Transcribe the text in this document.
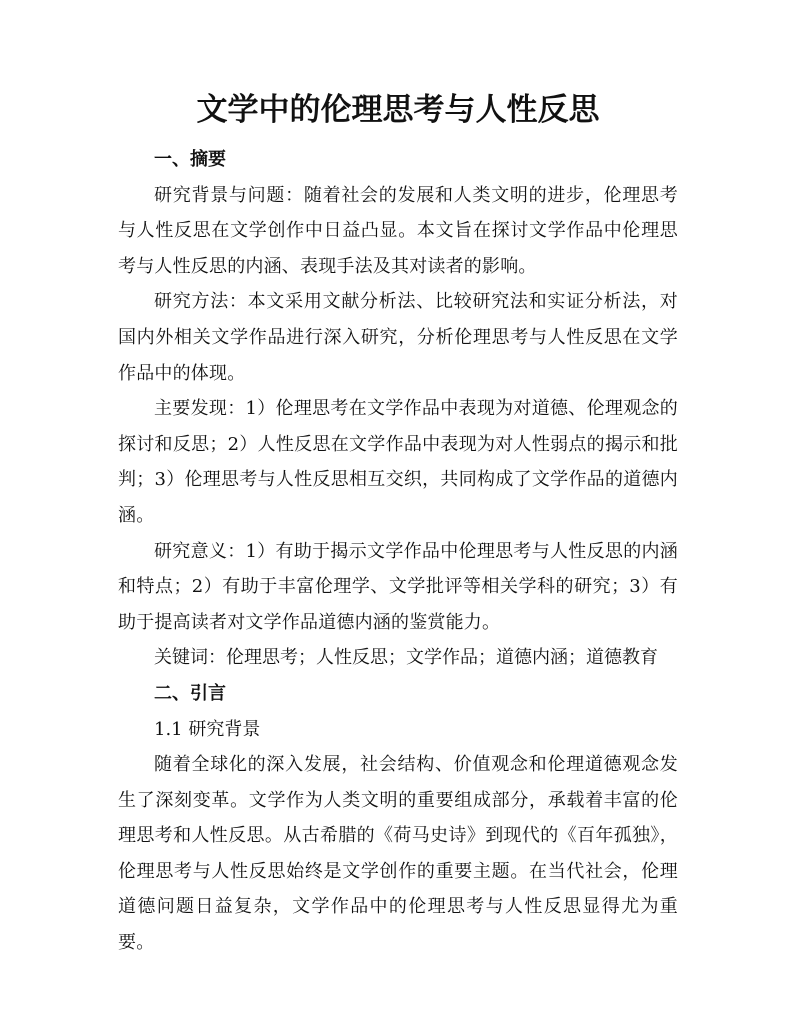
文学中的伦理思考与人性反思

一、摘要

研究背景与问题：随着社会的发展和人类文明的进步，伦理思考与人性反思在文学创作中日益凸显。本文旨在探讨文学作品中伦理思考与人性反思的内涵、表现手法及其对读者的影响。

研究方法：本文采用文献分析法、比较研究法和实证分析法，对国内外相关文学作品进行深入研究，分析伦理思考与人性反思在文学作品中的体现。

主要发现：1）伦理思考在文学作品中表现为对道德、伦理观念的探讨和反思；2）人性反思在文学作品中表现为对人性弱点的揭示和批判；3）伦理思考与人性反思相互交织，共同构成了文学作品的道德内涵。

研究意义：1）有助于揭示文学作品中伦理思考与人性反思的内涵和特点；2）有助于丰富伦理学、文学批评等相关学科的研究；3）有助于提高读者对文学作品道德内涵的鉴赏能力。

关键词：伦理思考；人性反思；文学作品；道德内涵；道德教育

二、引言

1.1 研究背景

随着全球化的深入发展，社会结构、价值观念和伦理道德观念发生了深刻变革。文学作为人类文明的重要组成部分，承载着丰富的伦理思考和人性反思。从古希腊的《荷马史诗》到现代的《百年孤独》，伦理思考与人性反思始终是文学创作的重要主题。在当代社会，伦理道德问题日益复杂，文学作品中的伦理思考与人性反思显得尤为重要。
